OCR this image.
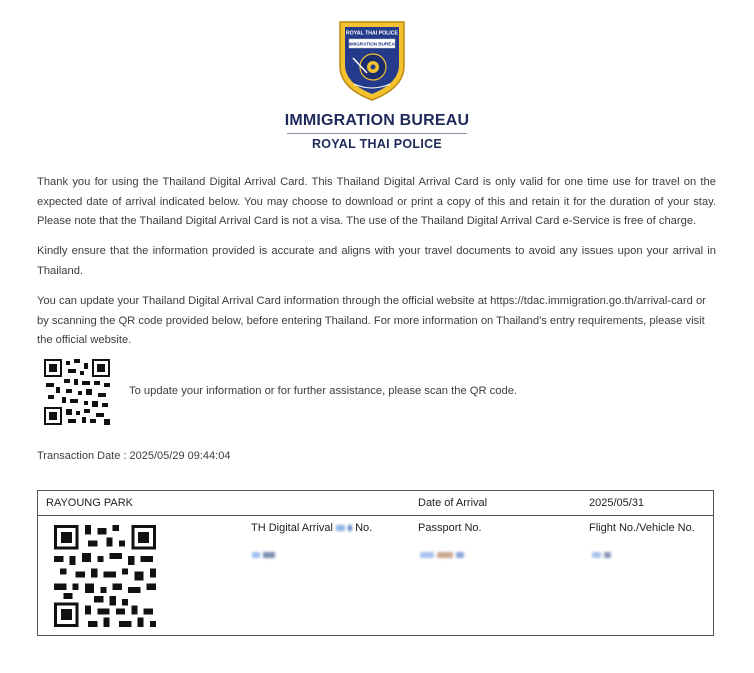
ROYAL THAI POLICE
IMMIGRATION BUREAU
IMMIGRATION BUREAU
ROYAL THAI POLICE

Thank you for using the Thailand Digital Arrival Card. This Thailand Digital Arrival Card is only valid for one time use for travel on the expected date of arrival indicated below. You may choose to download or print a copy of this and retain it for the duration of your stay. Please note that the Thailand Digital Arrival Card is not a visa. The use of the Thailand Digital Arrival Card e-Service is free of charge.

Kindly ensure that the information provided is accurate and aligns with your travel documents to avoid any issues upon your arrival in Thailand.

You can update your Thailand Digital Arrival Card information through the official website at https://tdac.immigration.go.th/arrival-card or by scanning the QR code provided below, before entering Thailand. For more information on Thailand's entry requirements, please visit the official website.

To update your information or for further assistance, please scan the QR code.
Transaction Date : 2025/05/29 09:44:04
RAYOUNG PARK	Date of Arrival	2025/05/31
TH Digital Arrival No.	Passport No.	Flight No./Vehicle No.
